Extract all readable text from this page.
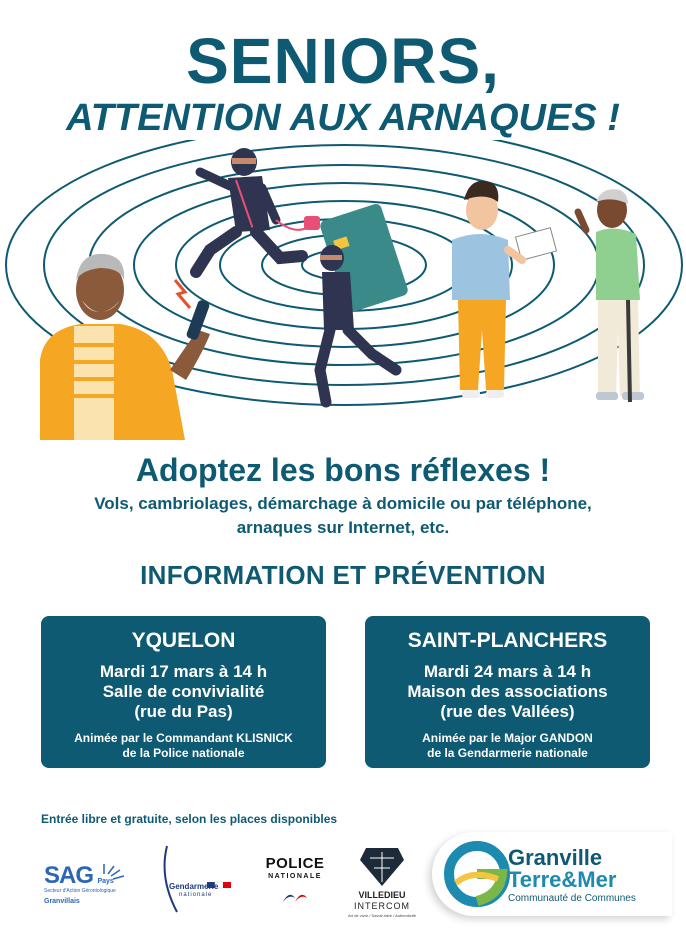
SENIORS,
ATTENTION AUX ARNAQUES !
Adoptez les bons réflexes !
Vols, cambriolages, démarchage à domicile ou par téléphone,
arnaques sur Internet, etc.
INFORMATION ET PRÉVENTION
YQUELON
Mardi 17 mars à 14 h
Salle de convivialité
(rue du Pas)
Animée par le Commandant KLISNICK
de la Police nationale
SAINT-PLANCHERS
Mardi 24 mars à 14 h
Maison des associations
(rue des Vallées)
Animée par le Major GANDON
de la Gendarmerie nationale
Entrée libre et gratuite, selon les places disponibles
SAG Pays Granvillais
Secteur d'Action Gérontologique	Gendarmerie
nationale
POLICE
NATIONALE
VILLEDIEU
INTERCOM
Art de vivre / Savoir-faire / Authenticité
Granville
Terre&Mer
Communauté de Communes
